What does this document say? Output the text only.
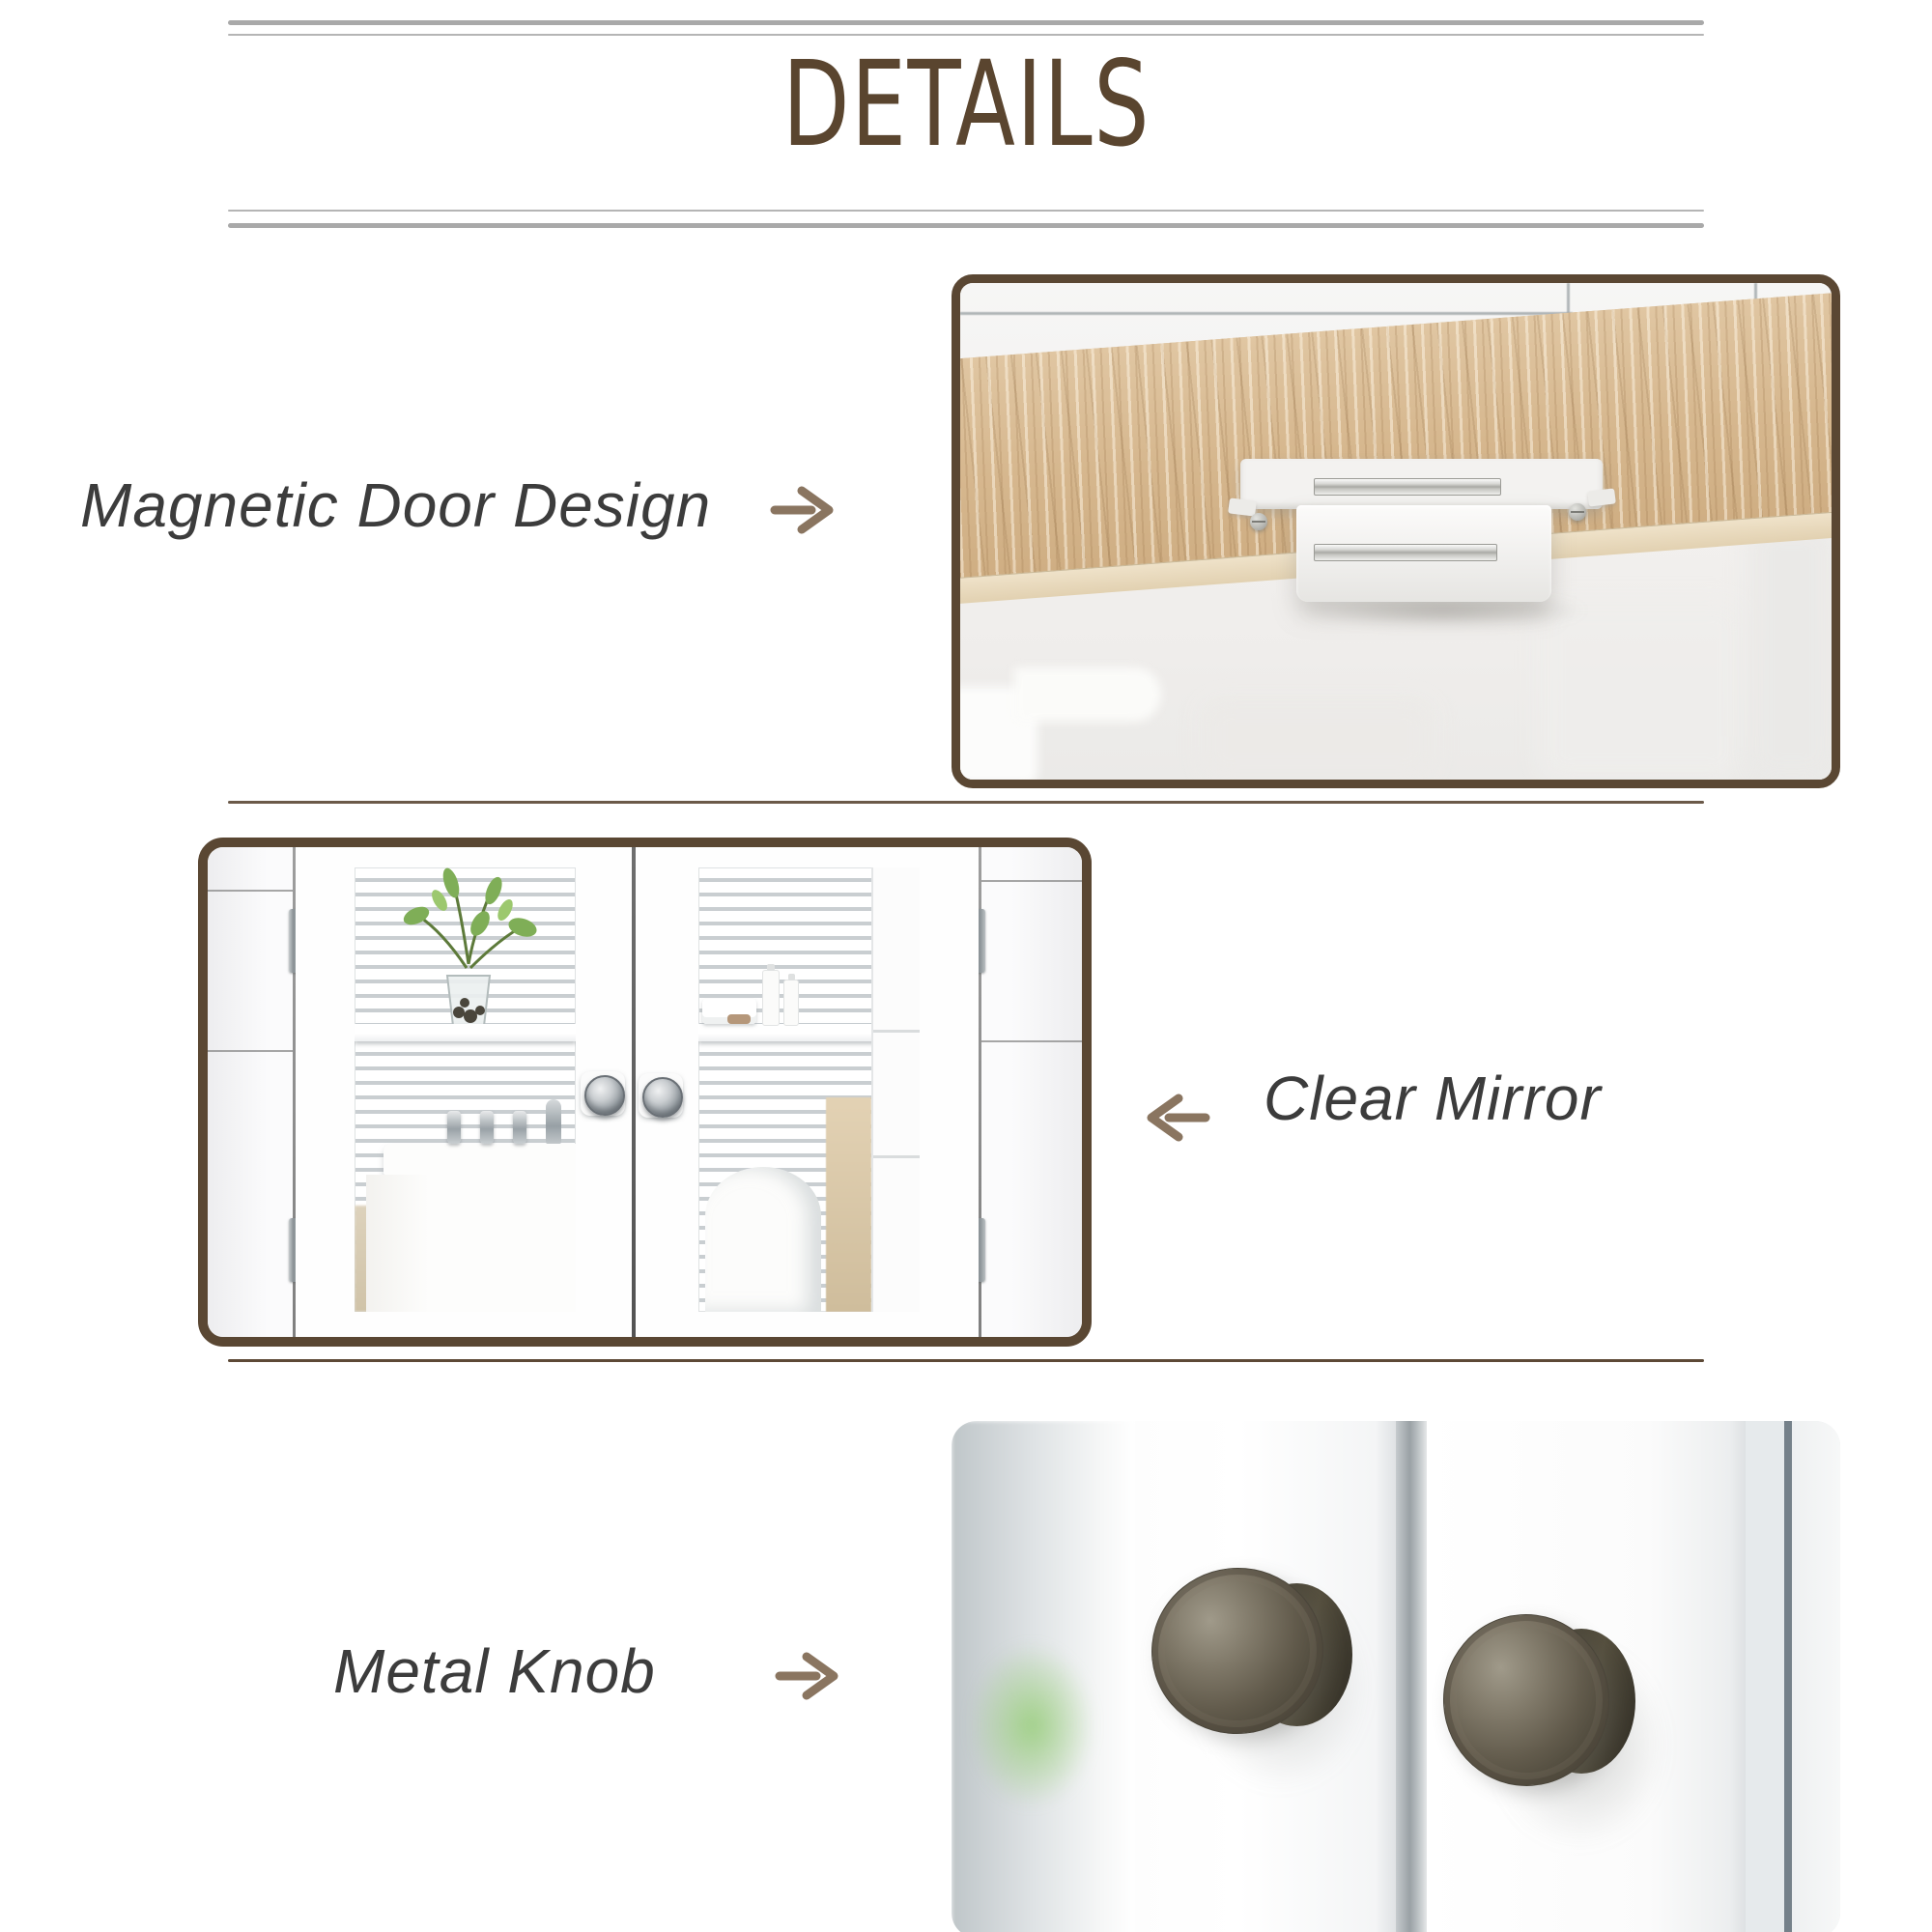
DETAILS
Magnetic Door Design
Clear Mirror
Metal Knob
